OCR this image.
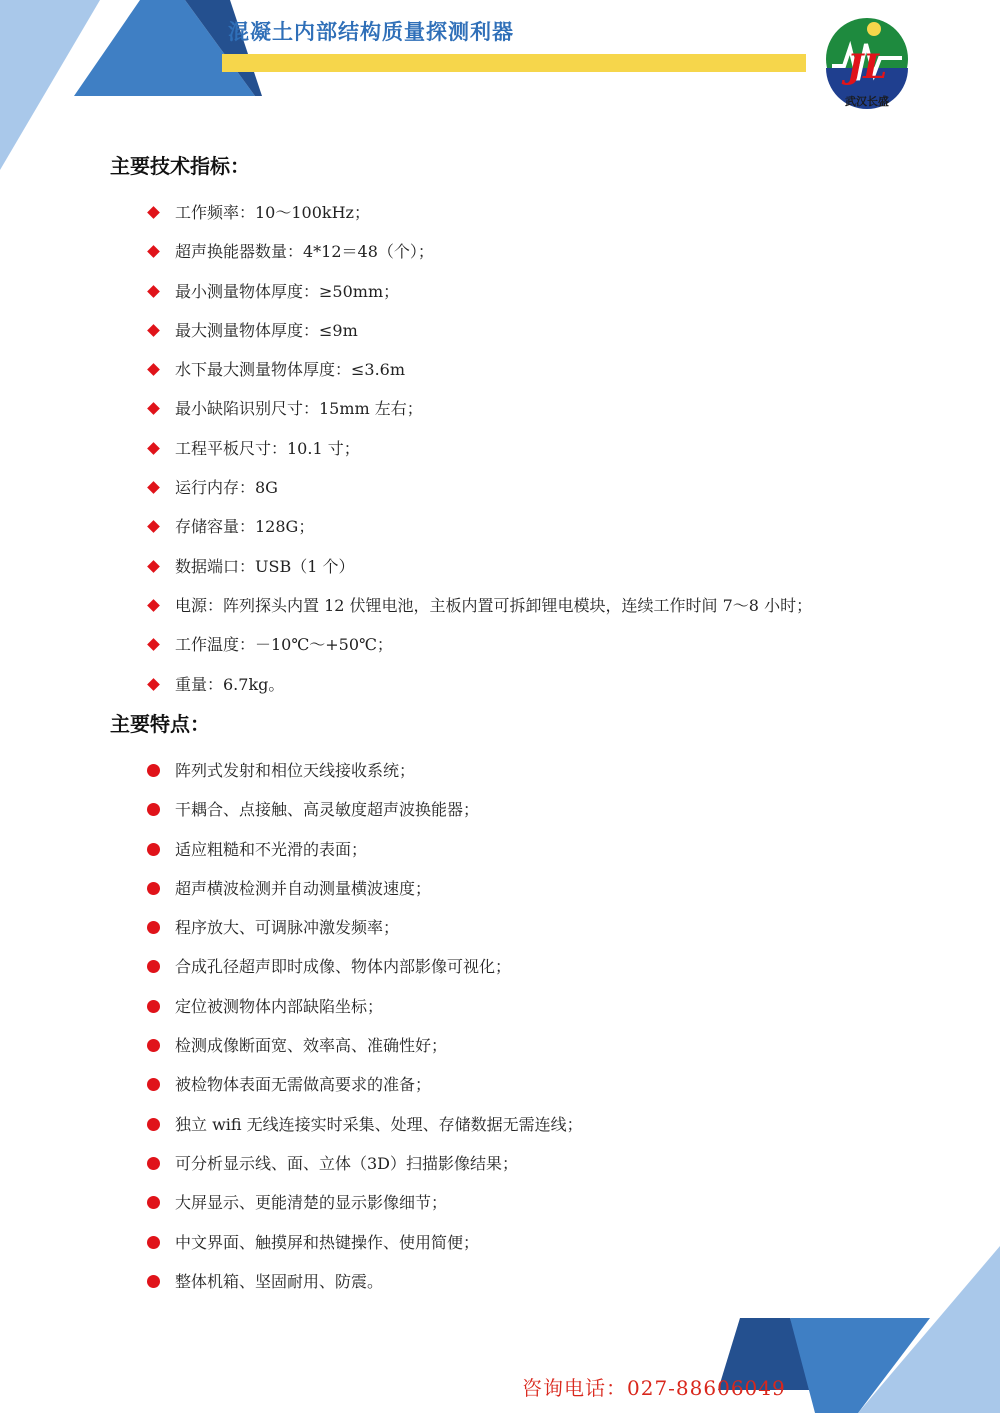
混凝土内部结构质量探测利器
JL
武汉长盛
主要技术指标：
工作频率：10～100kHz；
超声换能器数量：4*12＝48（个）；
最小测量物体厚度：≥50mm；
最大测量物体厚度：≤9m
水下最大测量物体厚度：≤3.6m
最小缺陷识别尺寸：15mm 左右；
工程平板尺寸：10.1 寸；
运行内存：8G
存储容量：128G；
数据端口：USB（1 个）
电源：阵列探头内置 12 伏锂电池，主板内置可拆卸锂电模块，连续工作时间 7～8 小时；
工作温度：－10℃～+50℃；
重量：6.7kg。
主要特点：
阵列式发射和相位天线接收系统；
干耦合、点接触、高灵敏度超声波换能器；
适应粗糙和不光滑的表面；
超声横波检测并自动测量横波速度；
程序放大、可调脉冲激发频率；
合成孔径超声即时成像、物体内部影像可视化；
定位被测物体内部缺陷坐标；
检测成像断面宽、效率高、准确性好；
被检物体表面无需做高要求的准备；
独立 wifi 无线连接实时采集、处理、存储数据无需连线；
可分析显示线、面、立体（3D）扫描影像结果；
大屏显示、更能清楚的显示影像细节；
中文界面、触摸屏和热键操作、使用简便；
整体机箱、坚固耐用、防震。
咨询电话：027-88606049
